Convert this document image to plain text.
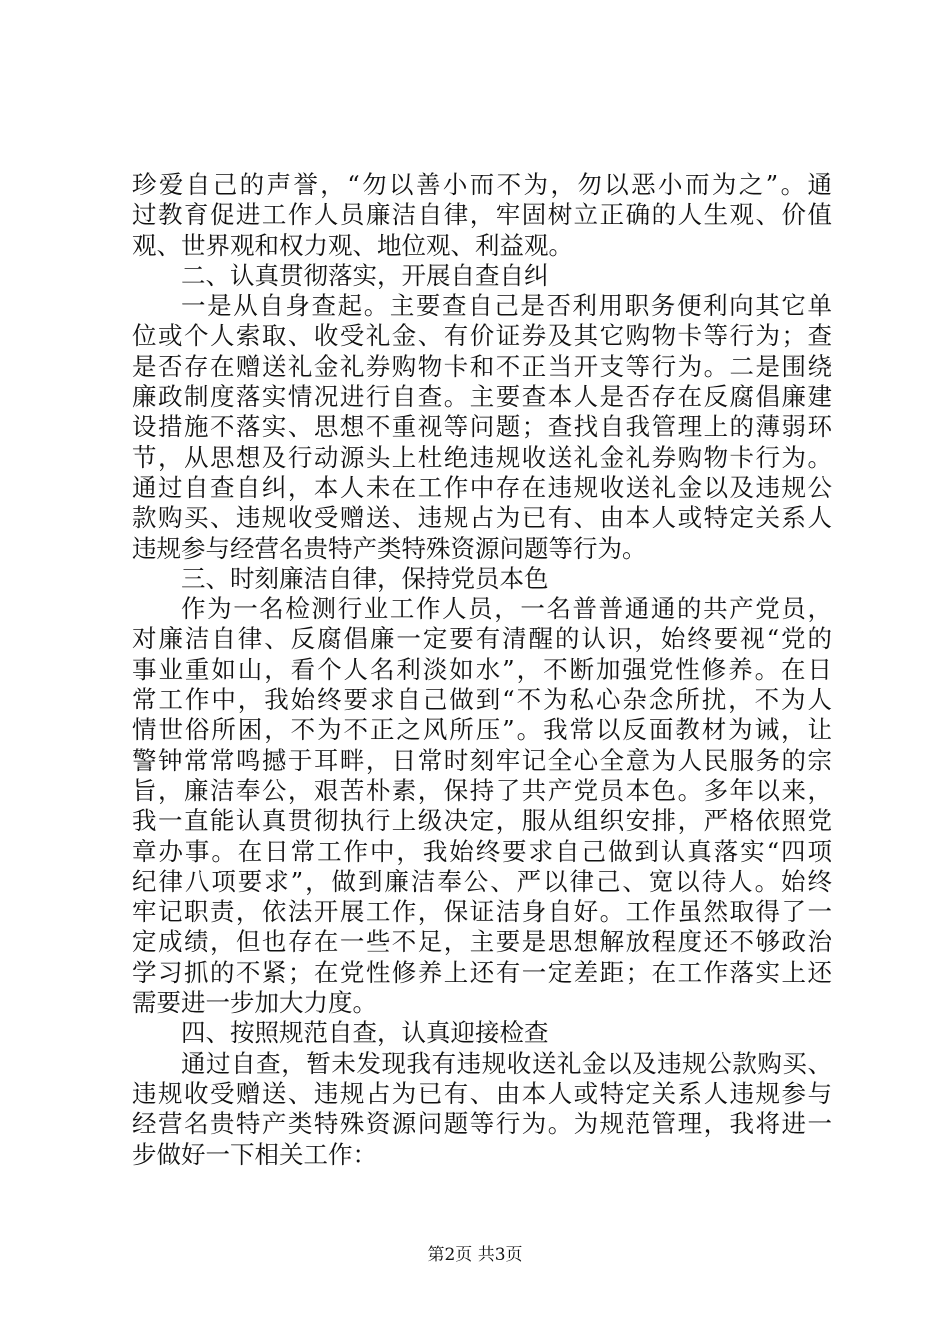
珍爱自己的声誉，“勿以善小而不为，勿以恶小而为之”。通
过教育促进工作人员廉洁自律，牢固树立正确的人生观、价值
观、世界观和权力观、地位观、利益观。
二、认真贯彻落实，开展自查自纠
一是从自身查起。主要查自己是否利用职务便利向其它单
位或个人索取、收受礼金、有价证券及其它购物卡等行为；查
是否存在赠送礼金礼券购物卡和不正当开支等行为。二是围绕
廉政制度落实情况进行自查。主要查本人是否存在反腐倡廉建
设措施不落实、思想不重视等问题；查找自我管理上的薄弱环
节，从思想及行动源头上杜绝违规收送礼金礼券购物卡行为。
通过自查自纠，本人未在工作中存在违规收送礼金以及违规公
款购买、违规收受赠送、违规占为已有、由本人或特定关系人
违规参与经营名贵特产类特殊资源问题等行为。
三、时刻廉洁自律，保持党员本色
作为一名检测行业工作人员，一名普普通通的共产党员，
对廉洁自律、反腐倡廉一定要有清醒的认识，始终要视“党的
事业重如山，看个人名利淡如水”，不断加强党性修养。在日
常工作中，我始终要求自己做到“不为私心杂念所扰，不为人
情世俗所困，不为不正之风所压”。我常以反面教材为诫，让
警钟常常鸣撼于耳畔，日常时刻牢记全心全意为人民服务的宗
旨，廉洁奉公，艰苦朴素，保持了共产党员本色。多年以来，
我一直能认真贯彻执行上级决定，服从组织安排，严格依照党
章办事。在日常工作中，我始终要求自己做到认真落实“四项
纪律八项要求”，做到廉洁奉公、严以律己、宽以待人。始终
牢记职责，依法开展工作，保证洁身自好。工作虽然取得了一
定成绩，但也存在一些不足，主要是思想解放程度还不够政治
学习抓的不紧；在党性修养上还有一定差距；在工作落实上还
需要进一步加大力度。
四、按照规范自查，认真迎接检查
通过自查，暂未发现我有违规收送礼金以及违规公款购买、
违规收受赠送、违规占为已有、由本人或特定关系人违规参与
经营名贵特产类特殊资源问题等行为。为规范管理，我将进一
步做好一下相关工作：
第2页 共3页
